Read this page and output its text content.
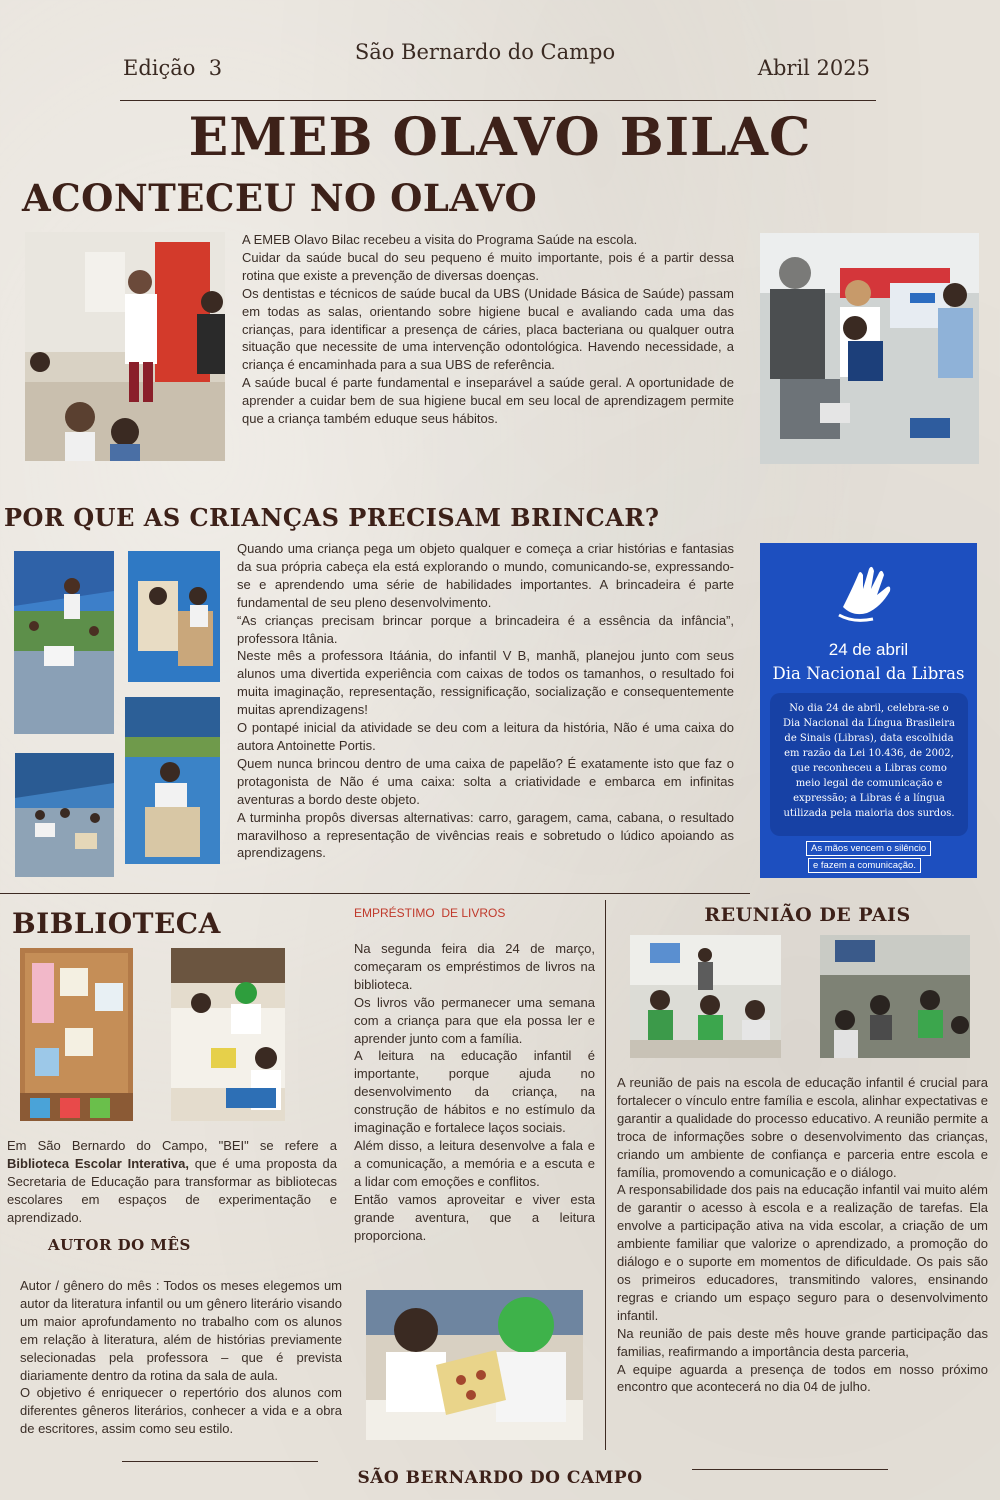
São Bernardo do Campo
Edição  3	Abril 2025
EMEB OLAVO BILAC
ACONTECEU NO OLAVO

A EMEB Olavo Bilac recebeu a visita do Programa Saúde na escola.

Cuidar da saúde bucal do seu pequeno é muito importante, pois é a partir dessa rotina que existe a prevenção de diversas doenças.

Os dentistas e técnicos de saúde bucal da UBS (Unidade Básica de Saúde) passam em todas as salas, orientando sobre higiene bucal e avaliando cada uma das crianças, para identificar a presença de cáries, placa bacteriana ou qualquer outra situação que necessite de uma intervenção odontológica. Havendo necessidade, a criança é encaminhada para a sua UBS de referência.

A saúde bucal é parte fundamental e inseparável a saúde geral. A oportunidade de aprender a cuidar bem de sua higiene bucal em seu local de aprendizagem permite que a criança também eduque seus hábitos.

POR QUE AS CRIANÇAS PRECISAM BRINCAR?

Quando uma criança pega um objeto qualquer e começa a criar histórias e fantasias da sua própria cabeça ela está explorando o mundo, comunicando-se, expressando-se e aprendendo uma série de habilidades importantes. A brincadeira é parte fundamental de seu pleno desenvolvimento.

“As crianças precisam brincar porque a brincadeira é a essência da infância”, professora Itânia.

Neste mês a professora Itáánia, do infantil V B, manhã, planejou junto com seus alunos uma divertida experiência com caixas de todos os tamanhos, o resultado foi muita imaginação, representação, ressignificação, socialização e consequentemente muitas aprendizagens!

O pontapé inicial da atividade se deu com a leitura da história, Não é uma caixa do autora Antoinette Portis.

Quem nunca brincou dentro de uma caixa de papelão? É exatamente isto que faz o protagonista de Não é uma caixa: solta a criatividade e embarca em infinitas aventuras a bordo deste objeto.

A turminha propôs diversas alternativas: carro, garagem, cama, cabana, o resultado maravilhoso a representação de vivências reais e sobretudo o lúdico apoiando as aprendizagens.

24 de abril
Dia Nacional da Libras
No dia 24 de abril, celebra-se o Dia Nacional da Língua Brasileira de Sinais (Libras), data escolhida em razão da Lei 10.436, de 2002, que reconheceu a Libras como meio legal de comunicação e expressão; a Libras é a língua utilizada pela maioria dos surdos.
As mãos vencem o silêncio
e fazem a comunicação.
BIBLIOTECA
Em São Bernardo do Campo, "BEI" se refere a Biblioteca Escolar Interativa, que é uma proposta da Secretaria de Educação para transformar as bibliotecas escolares em espaços de experimentação e aprendizado.
AUTOR DO MÊS

Autor / gênero do mês : Todos os meses elegemos um autor da literatura infantil ou um gênero literário visando um maior aprofundamento no trabalho com os alunos em relação à literatura, além de histórias previamente selecionadas pela professora – que é prevista diariamente dentro da rotina da sala de aula.

O objetivo é enriquecer o repertório dos alunos com diferentes gêneros literários, conhecer a vida e a obra de escritores, assim como seu estilo.

EMPRÉSTIMO  DE LIVROS

Na segunda feira dia 24 de março, começaram os empréstimos de livros na biblioteca.

Os livros vão permanecer uma semana com a criança para que ela possa ler e aprender junto com a família.

A leitura na educação infantil é importante, porque ajuda no desenvolvimento da criança, na construção de hábitos e no estímulo da imaginação e fortalece laços sociais.

Além disso, a leitura desenvolve a fala e a comunicação, a memória e a escuta e a lidar com emoções e conflitos.

Então vamos aproveitar e viver esta grande aventura, que a leitura proporciona.

REUNIÃO DE PAIS

A reunião de pais na escola de educação infantil é crucial para fortalecer o vínculo entre família e escola, alinhar expectativas e garantir a qualidade do processo educativo. A reunião permite a troca de informações sobre o desenvolvimento das crianças, criando um ambiente de confiança e parceria entre escola e família, promovendo a comunicação e o diálogo.

A responsabilidade dos pais na educação infantil vai muito além de garantir o acesso à escola e a realização de tarefas. Ela envolve a participação ativa na vida escolar, a criação de um ambiente familiar que valorize o aprendizado, a promoção do diálogo e o suporte em momentos de dificuldade. Os pais são os primeiros educadores, transmitindo valores, ensinando regras e criando um espaço seguro para o desenvolvimento infantil.

Na reunião de pais deste mês houve grande participação das familias, reafirmando a importância desta parceria,

A equipe aguarda a presença de todos em nosso próximo encontro que acontecerá no dia 04 de julho.

SÃO BERNARDO DO CAMPO
